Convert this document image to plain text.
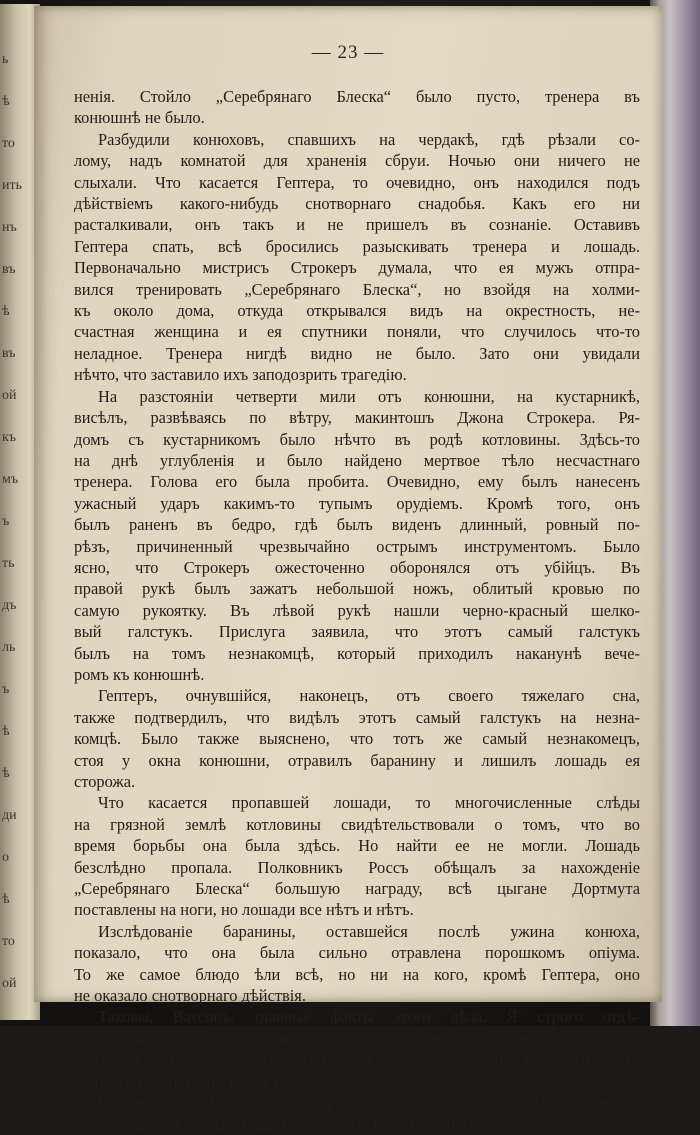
ь
ѣ
то
ить
нъ
въ
ѣ
въ
ой
къ
мъ
ъ
ть
дъ
ль
ъ
ѣ
ѣ
ди
о
ѣ
то
ой
— 23 —
ненія. Стойло „Серебрянаго Блеска“ было пусто, тренера въ
конюшнѣ не было.
Разбудили конюховъ, спавшихъ на чердакѣ, гдѣ рѣзали со-
лому, надъ комнатой для храненія сбруи. Ночью они ничего не
слыхали. Что касается Гептера, то очевидно, онъ находился подъ
дѣйствіемъ какого-нибудь снотворнаго снадобья. Какъ его ни
расталкивали, онъ такъ и не пришелъ въ сознаніе. Оставивъ
Гептера спать, всѣ бросились разыскивать тренера и лошадь.
Первоначально мистрисъ Строкеръ думала, что ея мужъ отпра-
вился тренировать „Серебрянаго Блеска“, но взойдя на холми-
къ около дома, откуда открывался видъ на окрестность, не-
счастная женщина и ея спутники поняли, что случилось что-то
неладное. Тренера нигдѣ видно не было. Зато они увидали
нѣчто, что заставило ихъ заподозрить трагедію.
На разстояніи четверти мили отъ конюшни, на кустарникѣ,
висѣлъ, развѣваясь по вѣтру, макинтошъ Джона Строкера. Ря-
домъ съ кустарникомъ было нѣчто въ родѣ котловины. Здѣсь-то
на днѣ углубленія и было найдено мертвое тѣло несчастнаго
тренера. Голова его была пробита. Очевидно, ему былъ нанесенъ
ужасный ударъ какимъ-то тупымъ орудіемъ. Кромѣ того, онъ
былъ раненъ въ бедро, гдѣ былъ виденъ длинный, ровный по-
рѣзъ, причиненный чрезвычайно острымъ инструментомъ. Было
ясно, что Строкеръ ожесточенно оборонялся отъ убійцъ. Въ
правой рукѣ былъ зажатъ небольшой ножъ, облитый кровью по
самую рукоятку. Въ лѣвой рукѣ нашли черно-красный шелко-
вый галстукъ. Прислуга заявила, что этотъ самый галстукъ
былъ на томъ незнакомцѣ, который приходилъ наканунѣ вече-
ромъ къ конюшнѣ.
Гептеръ, очнувшійся, наконецъ, отъ своего тяжелаго сна,
также подтвердилъ, что видѣлъ этотъ самый галстукъ на незна-
комцѣ. Было также выяснено, что тотъ же самый незнакомецъ,
стоя у окна конюшни, отравилъ баранину и лишилъ лошадь ея
сторожа.
Что касается пропавшей лошади, то многочисленные слѣды
на грязной землѣ котловины свидѣтельствовали о томъ, что во
время борьбы она была здѣсь. Но найти ее не могли. Лошадь
безслѣдно пропала. Полковникъ Россъ обѣщалъ за нахожденіе
„Серебрянаго Блеска“ большую награду, всѣ цыгане Дортмута
поставлены на ноги, но лошади все нѣтъ и нѣтъ.
Изслѣдованіе баранины, оставшейся послѣ ужина конюха,
показало, что она была сильно отравлена порошкомъ опіума.
То же самое блюдо ѣли всѣ, но ни на кого, кромѣ Гептера, оно
не оказало снотворнаго дѣйствія.
Таковы, Ватсонъ, главные факты этого дѣла. Я строго отдѣ-
лилъ факты отъ догадокъ и предположеній, и представляю ихъ
вамъ въ строгой схемѣ. Теперь я вамъ долженъ сообщить, что
успѣла сдѣлать за это время полиція.
Инспекторъ Григори, которому поручено это дѣло,—чрезвы-
чайно знающій и опытнѣйшій чиновникъ. Если бы у него было
